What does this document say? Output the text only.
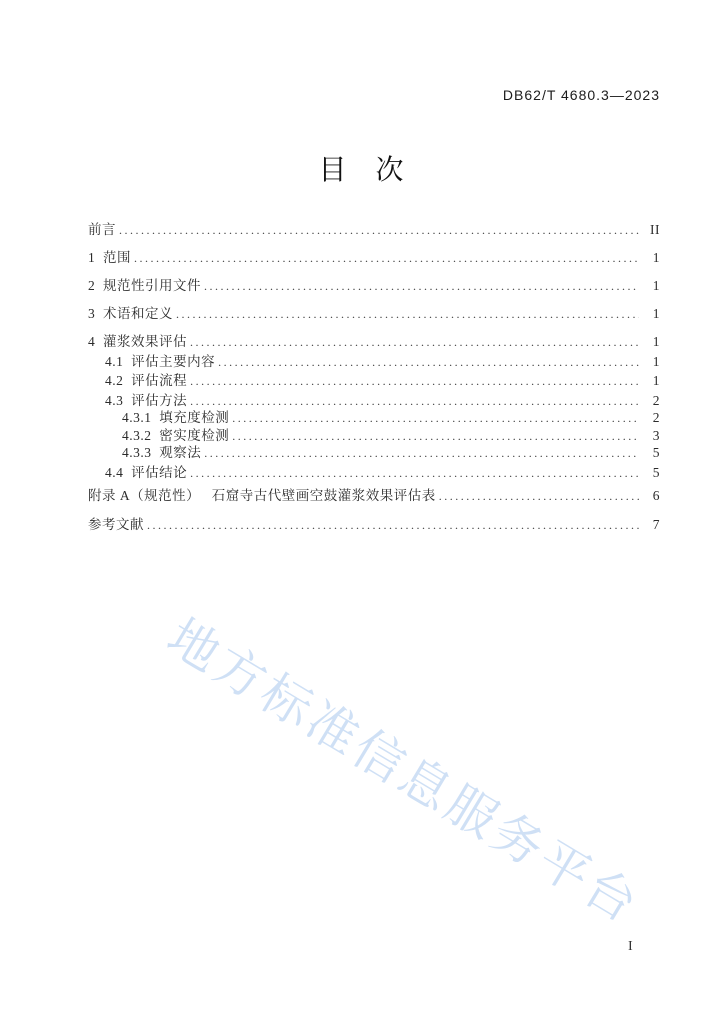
DB62/T 4680.3—2023
目   次
前言 .....	II
1  范围 .....	1
2  规范性引用文件 .....	1
3  术语和定义 .....	1
4  灌浆效果评估 .....	1
4.1  评估主要内容 .....	1
4.2  评估流程 .....	1
4.3  评估方法 .....	2
4.3.1  填充度检测 .....	2
4.3.2  密实度检测 .....	3
4.3.3  观察法 .....	5
4.4  评估结论 .....	5
附录 A（规范性）   石窟寺古代壁画空鼓灌浆效果评估表 .....	6
参考文献 .....	7
地方标准信息服务平台
I
